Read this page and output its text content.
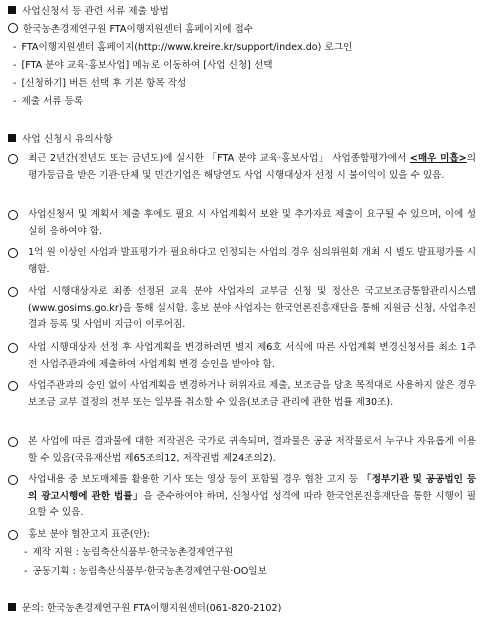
사업신청서 등 관련 서류 제출 방법
한국농촌경제연구원 FTA이행지원센터 홈페이지에 접수
- FTA이행지원센터 홈페이지(http://www.kreire.kr/support/index.do) 로그인
- [FTA 분야 교육·홍보사업] 메뉴로 이동하여 [사업 신청] 선택
- [신청하기] 버튼 선택 후 기본 항목 작성
- 제출 서류 등록
사업 신청시 유의사항
최근 2년간(전년도 또는 금년도)에 실시한 「FTA 분야 교육·홍보사업」 사업종합평가에서 <매우 미흡>의 평가등급을 받은 기관·단체 및 민간기업은 해당연도 사업 시행대상자 선정 시 불이익이 있을 수 있음.
사업신청서 및 계획서 제출 후에도 필요 시 사업계획서 보완 및 추가자료 제출이 요구될 수 있으며, 이에 성실히 응하여야 함.
1억 원 이상인 사업과 발표평가가 필요하다고 인정되는 사업의 경우 심의위원회 개최 시 별도 발표평가를 시행함.
사업 시행대상자로 최종 선정된 교육 분야 사업자의 교부금 신청 및 정산은 국고보조금통합관리시스템(www.gosims.go.kr)을 통해 실시함. 홍보 분야 사업자는 한국언론진흥재단을 통해 지원금 신청, 사업추진 결과 등록 및 사업비 지급이 이루어짐.
사업 시행대상자 선정 후 사업계획을 변경하려면 별지 제6호 서식에 따른 사업계획 변경신청서를 최소 1주 전 사업주관과에 제출하여 사업계획 변경 승인을 받아야 함.
사업주관과의 승인 없이 사업계획을 변경하거나 허위자료 제출, 보조금을 당초 목적대로 사용하지 않은 경우 보조금 교부 결정의 전부 또는 일부를 취소할 수 있음(보조금 관리에 관한 법률 제30조).
본 사업에 따른 결과물에 대한 저작권은 국가로 귀속되며, 결과물은 공공 저작물로서 누구나 자유롭게 이용할 수 있음(국유재산법 제65조의12, 저작권법 제24조의2).
사업내용 중 보도매체를 활용한 기사 또는 영상 등이 포함될 경우 협찬 고지 등 「정부기관 및 공공법인 등의 광고시행에 관한 법률」을 준수하여야 하며, 신청사업 성격에 따라 한국언론진흥재단을 통한 시행이 필요할 수 있음.
홍보 분야 협찬고지 표준(안):
- 제작 지원 : 농림축산식품부·한국농촌경제연구원
- 공동기획 : 농림축산식품부·한국농촌경제연구원·OO일보
문의: 한국농촌경제연구원 FTA이행지원센터(061-820-2102)
